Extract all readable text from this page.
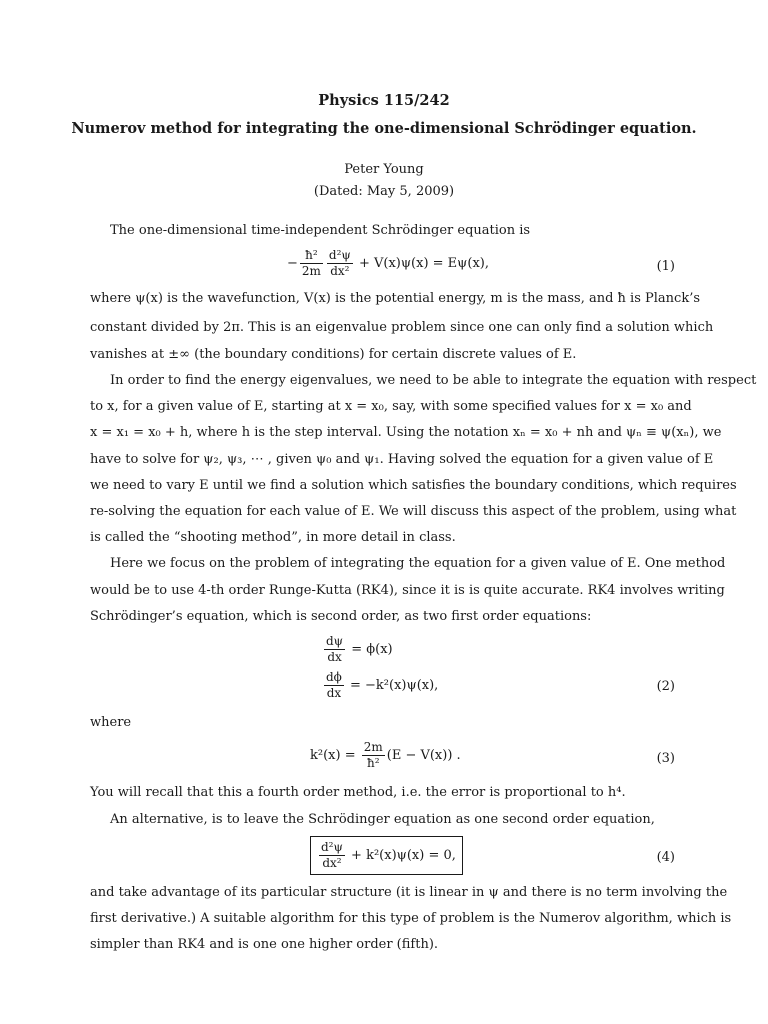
Physics 115/242
Numerov method for integrating the one-dimensional Schrödinger equation.
Peter Young
(Dated: May 5, 2009)
The one-dimensional time-independent Schrödinger equation is
− $\frac{\text{ħ²}}{2m} \frac{\text{d²ψ}}{\text{dx²}} + V(x)\psi(x) = E\psi(x)$,	(1)
where ψ(x) is the wavefunction, V(x) is the potential energy, m is the mass, and ħ is Planck’s
constant divided by 2π. This is an eigenvalue problem since one can only find a solution which
vanishes at ±∞ (the boundary conditions) for certain discrete values of E.
In order to find the energy eigenvalues, we need to be able to integrate the equation with respect
to x, for a given value of E, starting at x = x₀, say, with some specified values for x = x₀ and
x = x₁ = x₀ + h, where h is the step interval. Using the notation xₙ = x₀ + nh and ψₙ ≡ ψ(xₙ), we
have to solve for ψ₂, ψ₃, ⋯ , given ψ₀ and ψ₁. Having solved the equation for a given value of E
we need to vary E until we find a solution which satisfies the boundary conditions, which requires
re-solving the equation for each value of E. We will discuss this aspect of the problem, using what
is called the “shooting method”, in more detail in class.
Here we focus on the problem of integrating the equation for a given value of E. One method
would be to use 4-th order Runge-Kutta (RK4), since it is is quite accurate. RK4 involves writing
Schrödinger’s equation, which is second order, as two first order equations:
$\frac{d\psi}{dx} = \phi(x)$
$\frac{d\phi}{dx} = -k^2(x)\psi(x)$,	(2)
where
$k^2(x) = \frac{2m}{\text{ħ²}} (E - V(x))$ .	(3)
You will recall that this a fourth order method, i.e. the error is proportional to h⁴.
An alternative, is to leave the Schrödinger equation as one second order equation,
$\frac{\text{d²ψ}}{\text{dx²}} + k^2(x)\psi(x) = 0$,	(4)
and take advantage of its particular structure (it is linear in ψ and there is no term involving the
first derivative.) A suitable algorithm for this type of problem is the Numerov algorithm, which is
simpler than RK4 and is one one higher order (fifth).
